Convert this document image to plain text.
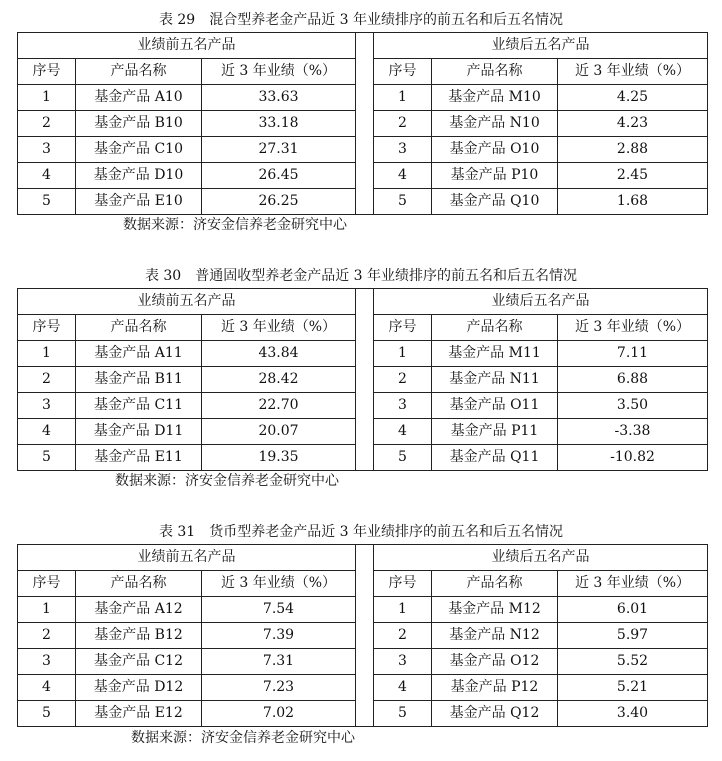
表 29 混合型养老金产品近 3 年业绩排序的前五名和后五名情况
业绩前五名产品				业绩后五名产品		
序号	产品名称	近 3 年业绩（%）		序号	产品名称	近 3 年业绩（%）
1	基金产品 A10	33.63		1	基金产品 M10	4.25
2	基金产品 B10	33.18		2	基金产品 N10	4.23
3	基金产品 C10	27.31		3	基金产品 O10	2.88
4	基金产品 D10	26.45		4	基金产品 P10	2.45
5	基金产品 E10	26.25		5	基金产品 Q10	1.68
数据来源：济安金信养老金研究中心
表 30 普通固收型养老金产品近 3 年业绩排序的前五名和后五名情况
业绩前五名产品				业绩后五名产品		
序号	产品名称	近 3 年业绩（%）		序号	产品名称	近 3 年业绩（%）
1	基金产品 A11	43.84		1	基金产品 M11	7.11
2	基金产品 B11	28.42		2	基金产品 N11	6.88
3	基金产品 C11	22.70		3	基金产品 O11	3.50
4	基金产品 D11	20.07		4	基金产品 P11	-3.38
5	基金产品 E11	19.35		5	基金产品 Q11	-10.82
数据来源：济安金信养老金研究中心
表 31 货币型养老金产品近 3 年业绩排序的前五名和后五名情况
业绩前五名产品				业绩后五名产品		
序号	产品名称	近 3 年业绩（%）		序号	产品名称	近 3 年业绩（%）
1	基金产品 A12	7.54		1	基金产品 M12	6.01
2	基金产品 B12	7.39		2	基金产品 N12	5.97
3	基金产品 C12	7.31		3	基金产品 O12	5.52
4	基金产品 D12	7.23		4	基金产品 P12	5.21
5	基金产品 E12	7.02		5	基金产品 Q12	3.40
数据来源：济安金信养老金研究中心
